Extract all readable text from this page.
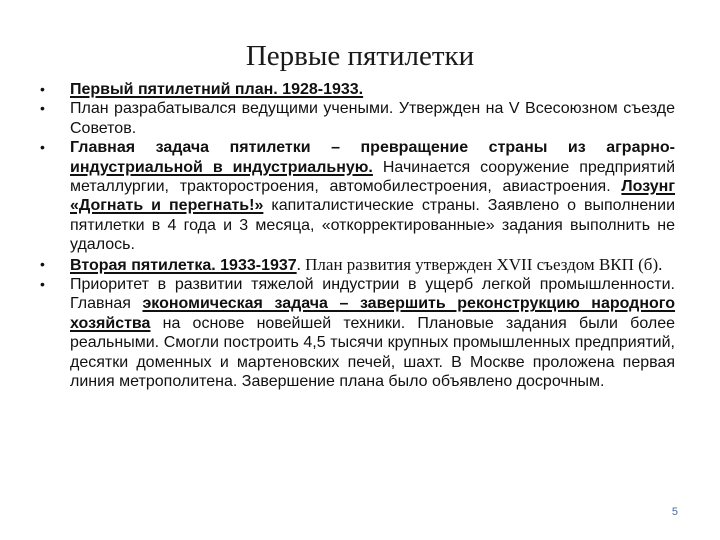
Первые пятилетки
• Первый пятилетний план. 1928-1933.
• План разрабатывался ведущими учеными. Утвержден на V Всесоюзном съезде Советов.
• Главная задача пятилетки – превращение страны из аграрно-индустриальной в индустриальную. Начинается сооружение предприятий металлургии, тракторостроения, автомобилестроения, авиастроения. Лозунг «Догнать и перегнать!» капиталистические страны. Заявлено о выполнении пятилетки в 4 года и 3 месяца, «откорректированные» задания выполнить не удалось.
• Вторая пятилетка. 1933-1937. План развития утвержден XVII съездом ВКП (б).
• Приоритет в развитии тяжелой индустрии в ущерб легкой промышленности. Главная экономическая задача – завершить реконструкцию народного хозяйства на основе новейшей техники. Плановые задания были более реальными. Смогли построить 4,5 тысячи крупных промышленных предприятий, десятки доменных и мартеновских печей, шахт. В Москве проложена первая линия метрополитена. Завершение плана было объявлено досрочным.
5
